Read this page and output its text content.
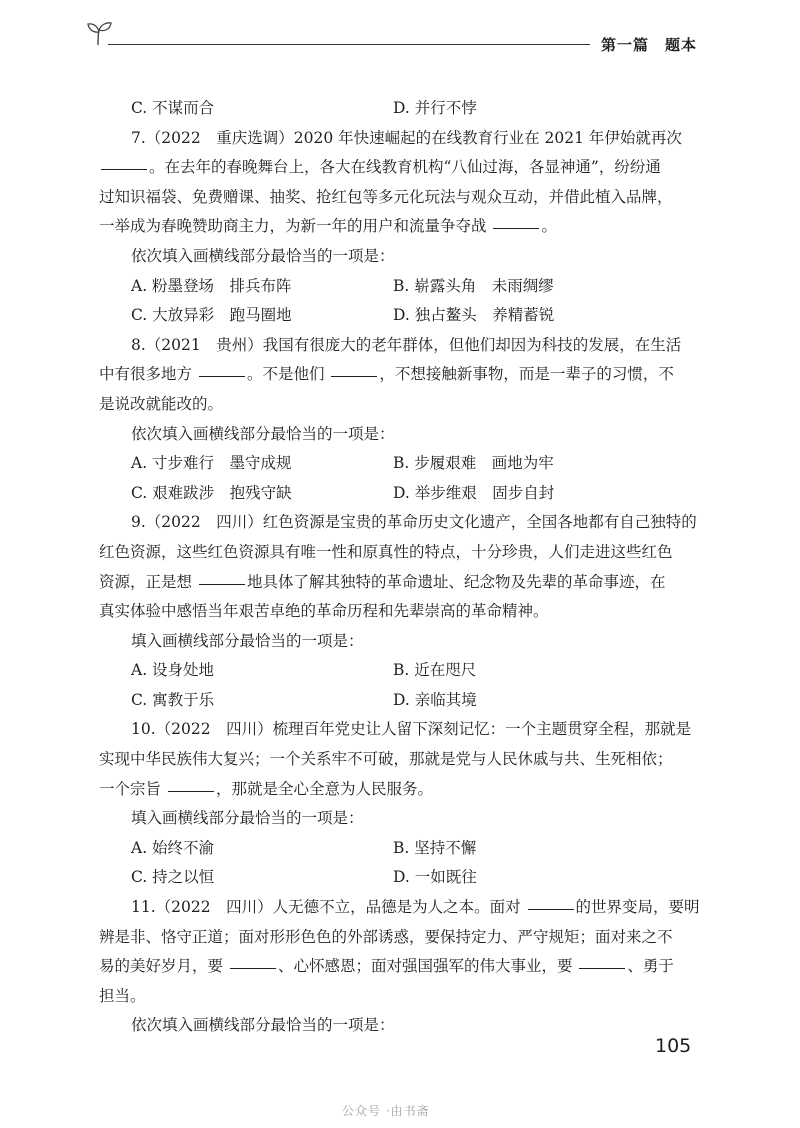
第一篇　题本
C. 不谋而合	D. 并行不悖
7.（2022　重庆选调）2020 年快速崛起的在线教育行业在 2021 年伊始就再次
。在去年的春晚舞台上，各大在线教育机构“八仙过海，各显神通”，纷纷通
过知识福袋、免费赠课、抽奖、抢红包等多元化玩法与观众互动，并借此植入品牌，
一举成为春晚赞助商主力，为新一年的用户和流量争夺战	。
依次填入画横线部分最恰当的一项是：
A. 粉墨登场　排兵布阵	B. 崭露头角　未雨绸缪
C. 大放异彩　跑马圈地	D. 独占鳌头　养精蓄锐
8.（2021　贵州）我国有很庞大的老年群体，但他们却因为科技的发展，在生活
中有很多地方	。不是他们	，不想接触新事物，而是一辈子的习惯，不
是说改就能改的。
依次填入画横线部分最恰当的一项是：
A. 寸步难行　墨守成规	B. 步履艰难　画地为牢
C. 艰难跋涉　抱残守缺	D. 举步维艰　固步自封
9.（2022　四川）红色资源是宝贵的革命历史文化遗产，全国各地都有自己独特的
红色资源，这些红色资源具有唯一性和原真性的特点，十分珍贵，人们走进这些红色
资源，正是想	地具体了解其独特的革命遗址、纪念物及先辈的革命事迹，在
真实体验中感悟当年艰苦卓绝的革命历程和先辈崇高的革命精神。
填入画横线部分最恰当的一项是：
A. 设身处地	B. 近在咫尺
C. 寓教于乐	D. 亲临其境
10.（2022　四川）梳理百年党史让人留下深刻记忆：一个主题贯穿全程，那就是
实现中华民族伟大复兴；一个关系牢不可破，那就是党与人民休戚与共、生死相依；
一个宗旨	，那就是全心全意为人民服务。
填入画横线部分最恰当的一项是：
A. 始终不渝	B. 坚持不懈
C. 持之以恒	D. 一如既往
11.（2022　四川）人无德不立，品德是为人之本。面对	的世界变局，要明
辨是非、恪守正道；面对形形色色的外部诱惑，要保持定力、严守规矩；面对来之不
易的美好岁月，要	、心怀感恩；面对强国强军的伟大事业，要	、勇于
担当。
依次填入画横线部分最恰当的一项是：
105
公众号 ·由书斋
